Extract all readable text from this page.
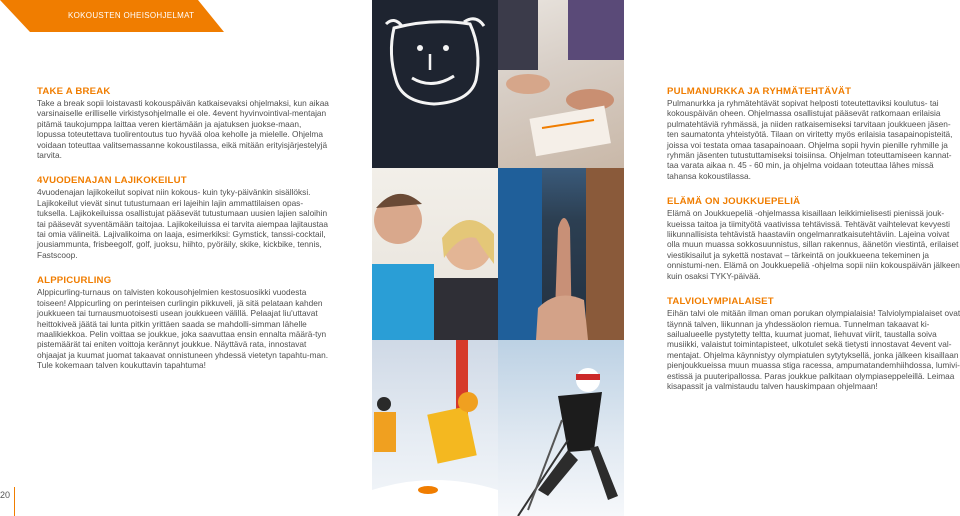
KOKOUSTEN OHEISOHJELMAT
TAKE A BREAK

Take a break sopii loistavasti kokouspäivän katkaisevaksi ohjelmaksi, kun aikaa varsinaiselle erilliselle virkistysohjelmalle ei ole. 4event hyvinvointival-mentajan pitämä taukojumppa laittaa veren kiertämään ja ajatuksen juokse-maan, lopussa toteutettava tuolirentoutus tuo hyvää oloa keholle ja mielelle. Ohjelma voidaan toteuttaa valitsemassanne kokoustilassa, eikä mitään erityisjärjestelyjä tarvita.

4VUODENAJAN LAJIKOKEILUT

4vuodenajan lajikokeilut sopivat niin kokous- kuin tyky-päivänkin sisällöksi. Lajikokeilut vievät sinut tutustumaan eri lajeihin lajin ammattilaisen opas-tuksella. Lajikokeiluissa osallistujat pääsevät tutustumaan uusien lajien saloihin tai pääsevät syventämään taitojaa. Lajikokeiluissa ei tarvita aiempaa lajitaustaa tai omia välineitä. Lajivalikoima on laaja, esimerkiksi: Gymstick, tanssi-cocktail, jousiammunta, frisbeegolf, golf, juoksu, hiihto, pyöräily, skike, kickbike, tennis, Fastscoop.

ALPPICURLING

Alppicurling-turnaus on talvisten kokousohjelmien kestosuosikki vuodesta toiseen! Alppicurling on perinteisen curlingin pikkuveli, jä sitä pelataan kahden joukkueen tai turnausmuotoisesti usean joukkueen välillä. Pelaajat liu'uttavat heittokiveä jäätä tai lunta pitkin yrittäen saada se mahdolli-simman lähelle maalikiekkoa. Pelin voittaa se joukkue, joka saavuttaa ensin ennalta määrä-tyn pistemäärät tai eniten voittoja kerännyt joukkue. Näyttävä rata, innostavat ohjaajat ja kuumat juomat takaavat onnistuneen yhdessä vietetyn tapahtu-man. Tule kokemaan talven koukuttavin tapahtuma!

PULMANURKKA JA RYHMÄTEHTÄVÄT

Pulmanurkka ja ryhmätehtävät sopivat helposti toteutettaviksi koulutus- tai kokouspäivän oheen. Ohjelmassa osallistujat pääsevät ratkomaan erilaisia pulmatehtäviä ryhmässä, ja niiden ratkaisemiseksi tarvitaan joukkueen jäsen-ten saumatonta yhteistyötä. Tilaan on viritetty myös erilaisia tasapainopisteitä, joissa voi testata omaa tasapainoaan. Ohjelma sopii hyvin pienille ryhmille ja ryhmän jäsenten tutustuttamiseksi toisiinsa. Ohjelman toteuttamiseen kannat-taa varata aikaa n. 45 - 60 min, ja ohjelma voidaan toteuttaa lähes missä tahansa kokoustilassa.

ELÄMÄ ON JOUKKUEPELIÄ

Elämä on Joukkuepeliä -ohjelmassa kisaillaan leikkimielisesti pienissä jouk-kueissa taitoa ja tiimityötä vaativissa tehtävissä. Tehtävät vaihtelevat kevyesti liikunnallisista tehtävistä haastaviin ongelmanratkaisutehtäviin. Lajeina voivat olla muun muassa sokkosuunnistus, sillan rakennus, äänetön viestintä, erilaiset viestikisailut ja sykettä nostavat – tärkeintä on joukkueena tekeminen ja onnistumi-nen. Elämä on Joukkuepeliä -ohjelma sopii niin kokouspäivän jälkeen kuin osaksi TYKY-päivää.

TALVIOLYMPIALAISET

Eihän talvi ole mitään ilman oman porukan olympialaisia! Talviolympialaiset ovat täynnä talven, liikunnan ja yhdessäolon riemua. Tunnelman takaavat ki-sailualueelle pystytetty teltta, kuumat juomat, liehuvat viirit, taustalla soiva musiikki, valaistut toimintapisteet, ulkotulet sekä tietysti innostavat 4event val-mentajat. Ohjelma käynnistyy olympiatulen sytytyksellä, jonka jälkeen kisaillaan pienjoukkueissa muun muassa stiga racessa, ampumatandemhiihdossa, lumivi-estissä ja puuteripallossa. Paras joukkue palkitaan olympiaseppeleillä. Leimaa kisapassit ja valmistaudu talven hauskimpaan ohjelmaan!

20
